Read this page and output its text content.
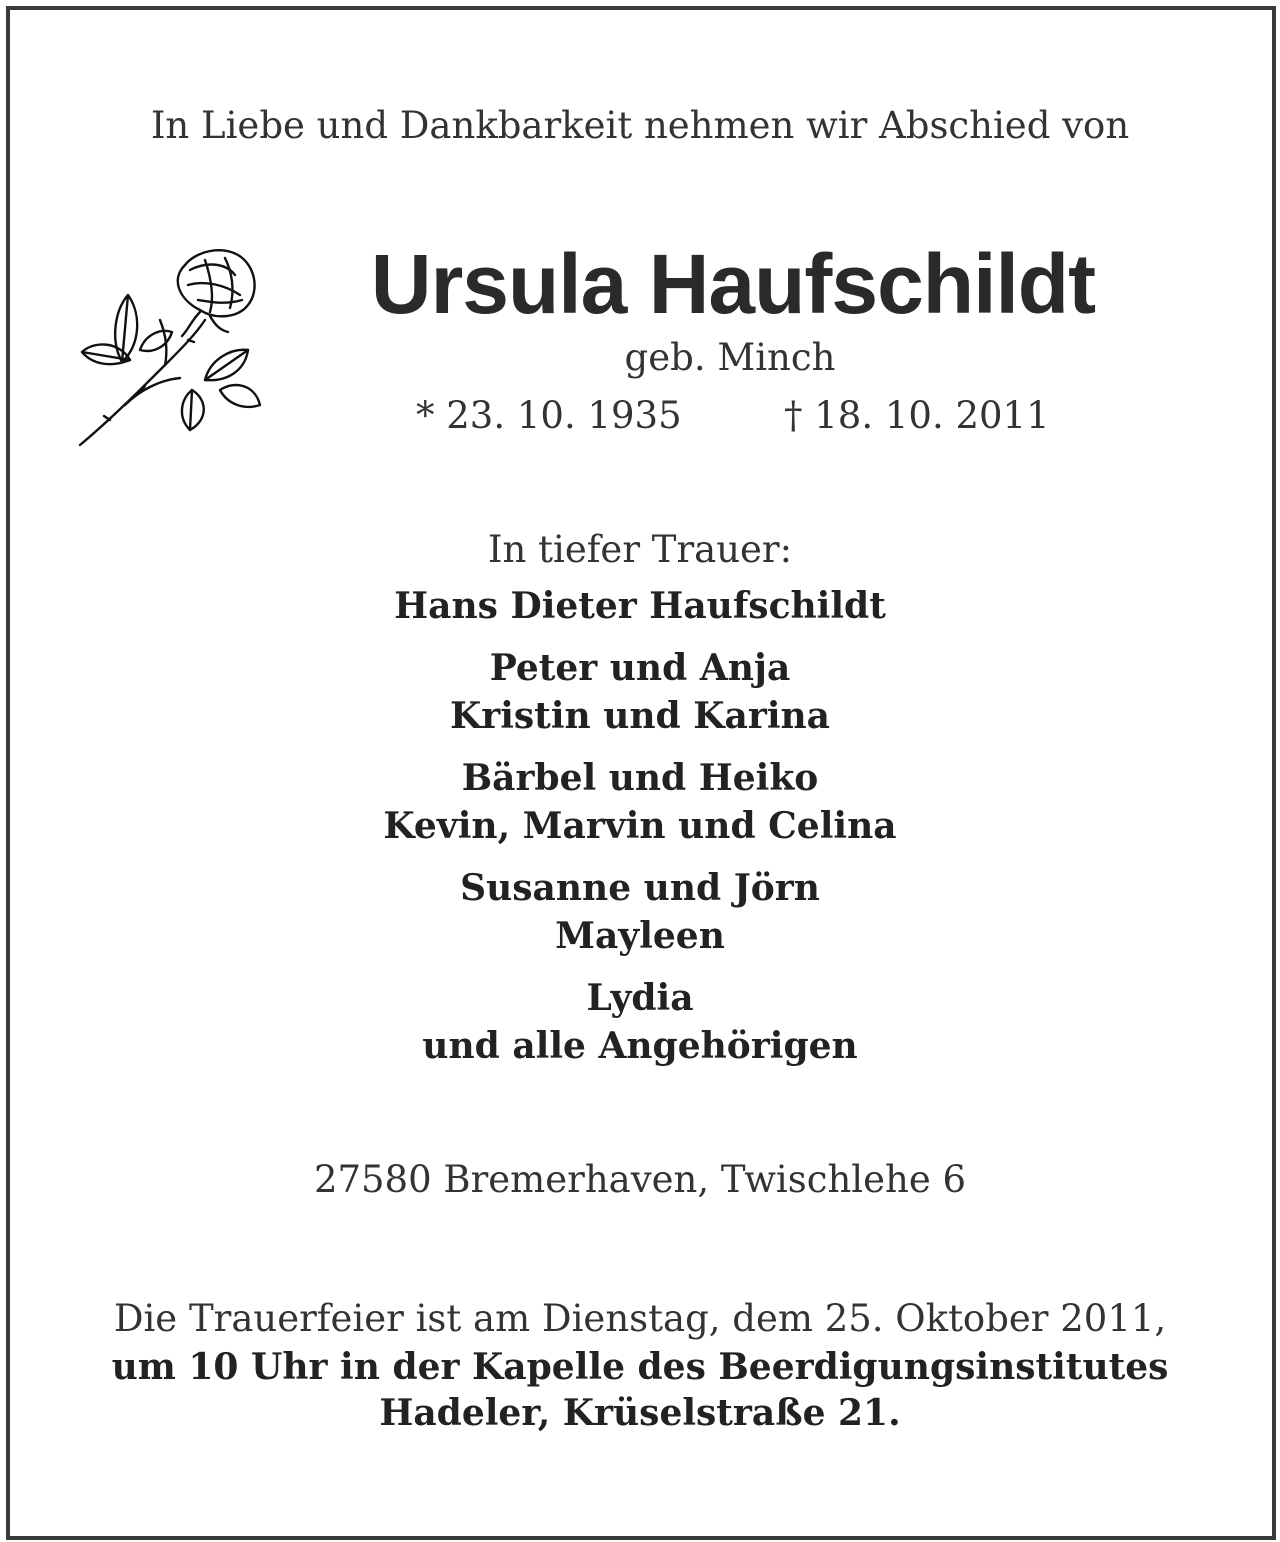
In Liebe und Dankbarkeit nehmen wir Abschied von
Ursula Haufschildt
geb. Minch
* 23. 10. 1935	† 18. 10. 2011
In tiefer Trauer:
Hans Dieter Haufschildt
Peter und Anja
Kristin und Karina
Bärbel und Heiko
Kevin, Marvin und Celina
Susanne und Jörn
Mayleen
Lydia
und alle Angehörigen
27580 Bremerhaven, Twischlehe 6
Die Trauerfeier ist am Dienstag, dem 25. Oktober 2011,
um 10 Uhr in der Kapelle des Beerdigungsinstitutes
Hadeler, Krüselstraße 21.
